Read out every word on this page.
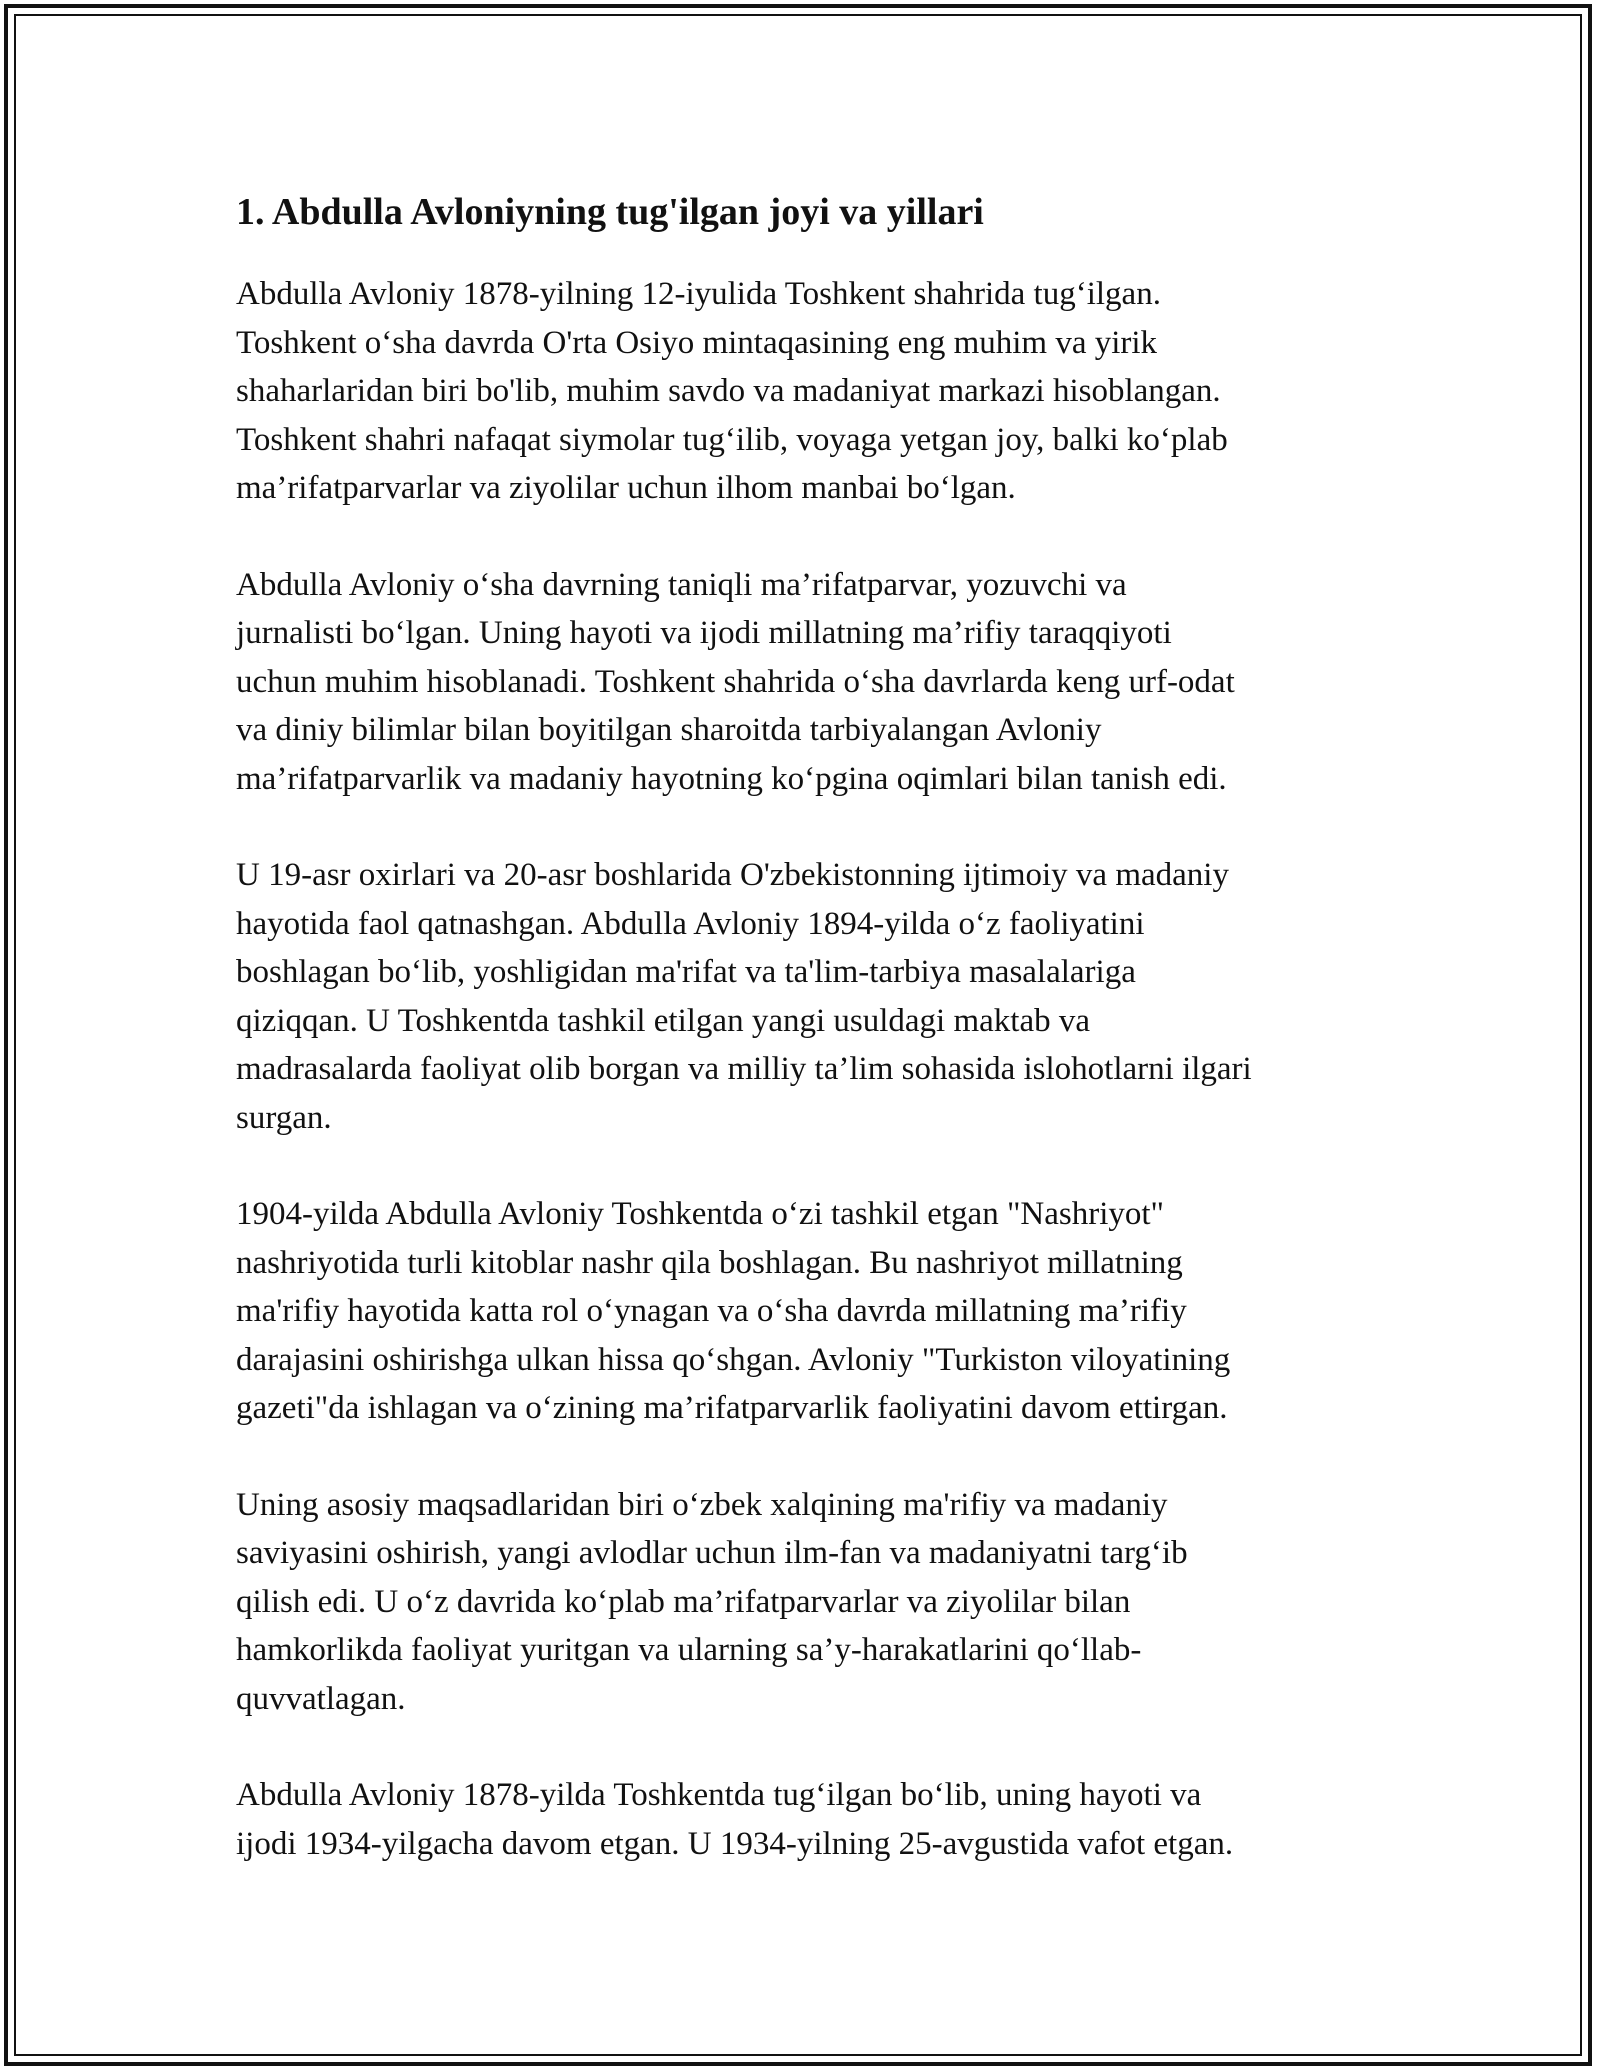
1. Abdulla Avloniyning tug'ilgan joyi va yillari

Abdulla Avloniy 1878-yilning 12-iyulida Toshkent shahrida tug‘ilgan.
Toshkent o‘sha davrda O'rta Osiyo mintaqasining eng muhim va yirik
shaharlaridan biri bo'lib, muhim savdo va madaniyat markazi hisoblangan.
Toshkent shahri nafaqat siymolar tug‘ilib, voyaga yetgan joy, balki ko‘plab
ma’rifatparvarlar va ziyolilar uchun ilhom manbai bo‘lgan.

Abdulla Avloniy o‘sha davrning taniqli ma’rifatparvar, yozuvchi va
jurnalisti bo‘lgan. Uning hayoti va ijodi millatning ma’rifiy taraqqiyoti
uchun muhim hisoblanadi. Toshkent shahrida o‘sha davrlarda keng urf-odat
va diniy bilimlar bilan boyitilgan sharoitda tarbiyalangan Avloniy
ma’rifatparvarlik va madaniy hayotning ko‘pgina oqimlari bilan tanish edi.

U 19-asr oxirlari va 20-asr boshlarida O'zbekistonning ijtimoiy va madaniy
hayotida faol qatnashgan. Abdulla Avloniy 1894-yilda o‘z faoliyatini
boshlagan bo‘lib, yoshligidan ma'rifat va ta'lim-tarbiya masalalariga
qiziqqan. U Toshkentda tashkil etilgan yangi usuldagi maktab va
madrasalarda faoliyat olib borgan va milliy ta’lim sohasida islohotlarni ilgari
surgan.

1904-yilda Abdulla Avloniy Toshkentda o‘zi tashkil etgan "Nashriyot"
nashriyotida turli kitoblar nashr qila boshlagan. Bu nashriyot millatning
ma'rifiy hayotida katta rol o‘ynagan va o‘sha davrda millatning ma’rifiy
darajasini oshirishga ulkan hissa qo‘shgan. Avloniy "Turkiston viloyatining
gazeti"da ishlagan va o‘zining ma’rifatparvarlik faoliyatini davom ettirgan.

Uning asosiy maqsadlaridan biri o‘zbek xalqining ma'rifiy va madaniy
saviyasini oshirish, yangi avlodlar uchun ilm-fan va madaniyatni targ‘ib
qilish edi. U o‘z davrida ko‘plab ma’rifatparvarlar va ziyolilar bilan
hamkorlikda faoliyat yuritgan va ularning sa’y-harakatlarini qo‘llab-
quvvatlagan.

Abdulla Avloniy 1878-yilda Toshkentda tug‘ilgan bo‘lib, uning hayoti va
ijodi 1934-yilgacha davom etgan. U 1934-yilning 25-avgustida vafot etgan.
